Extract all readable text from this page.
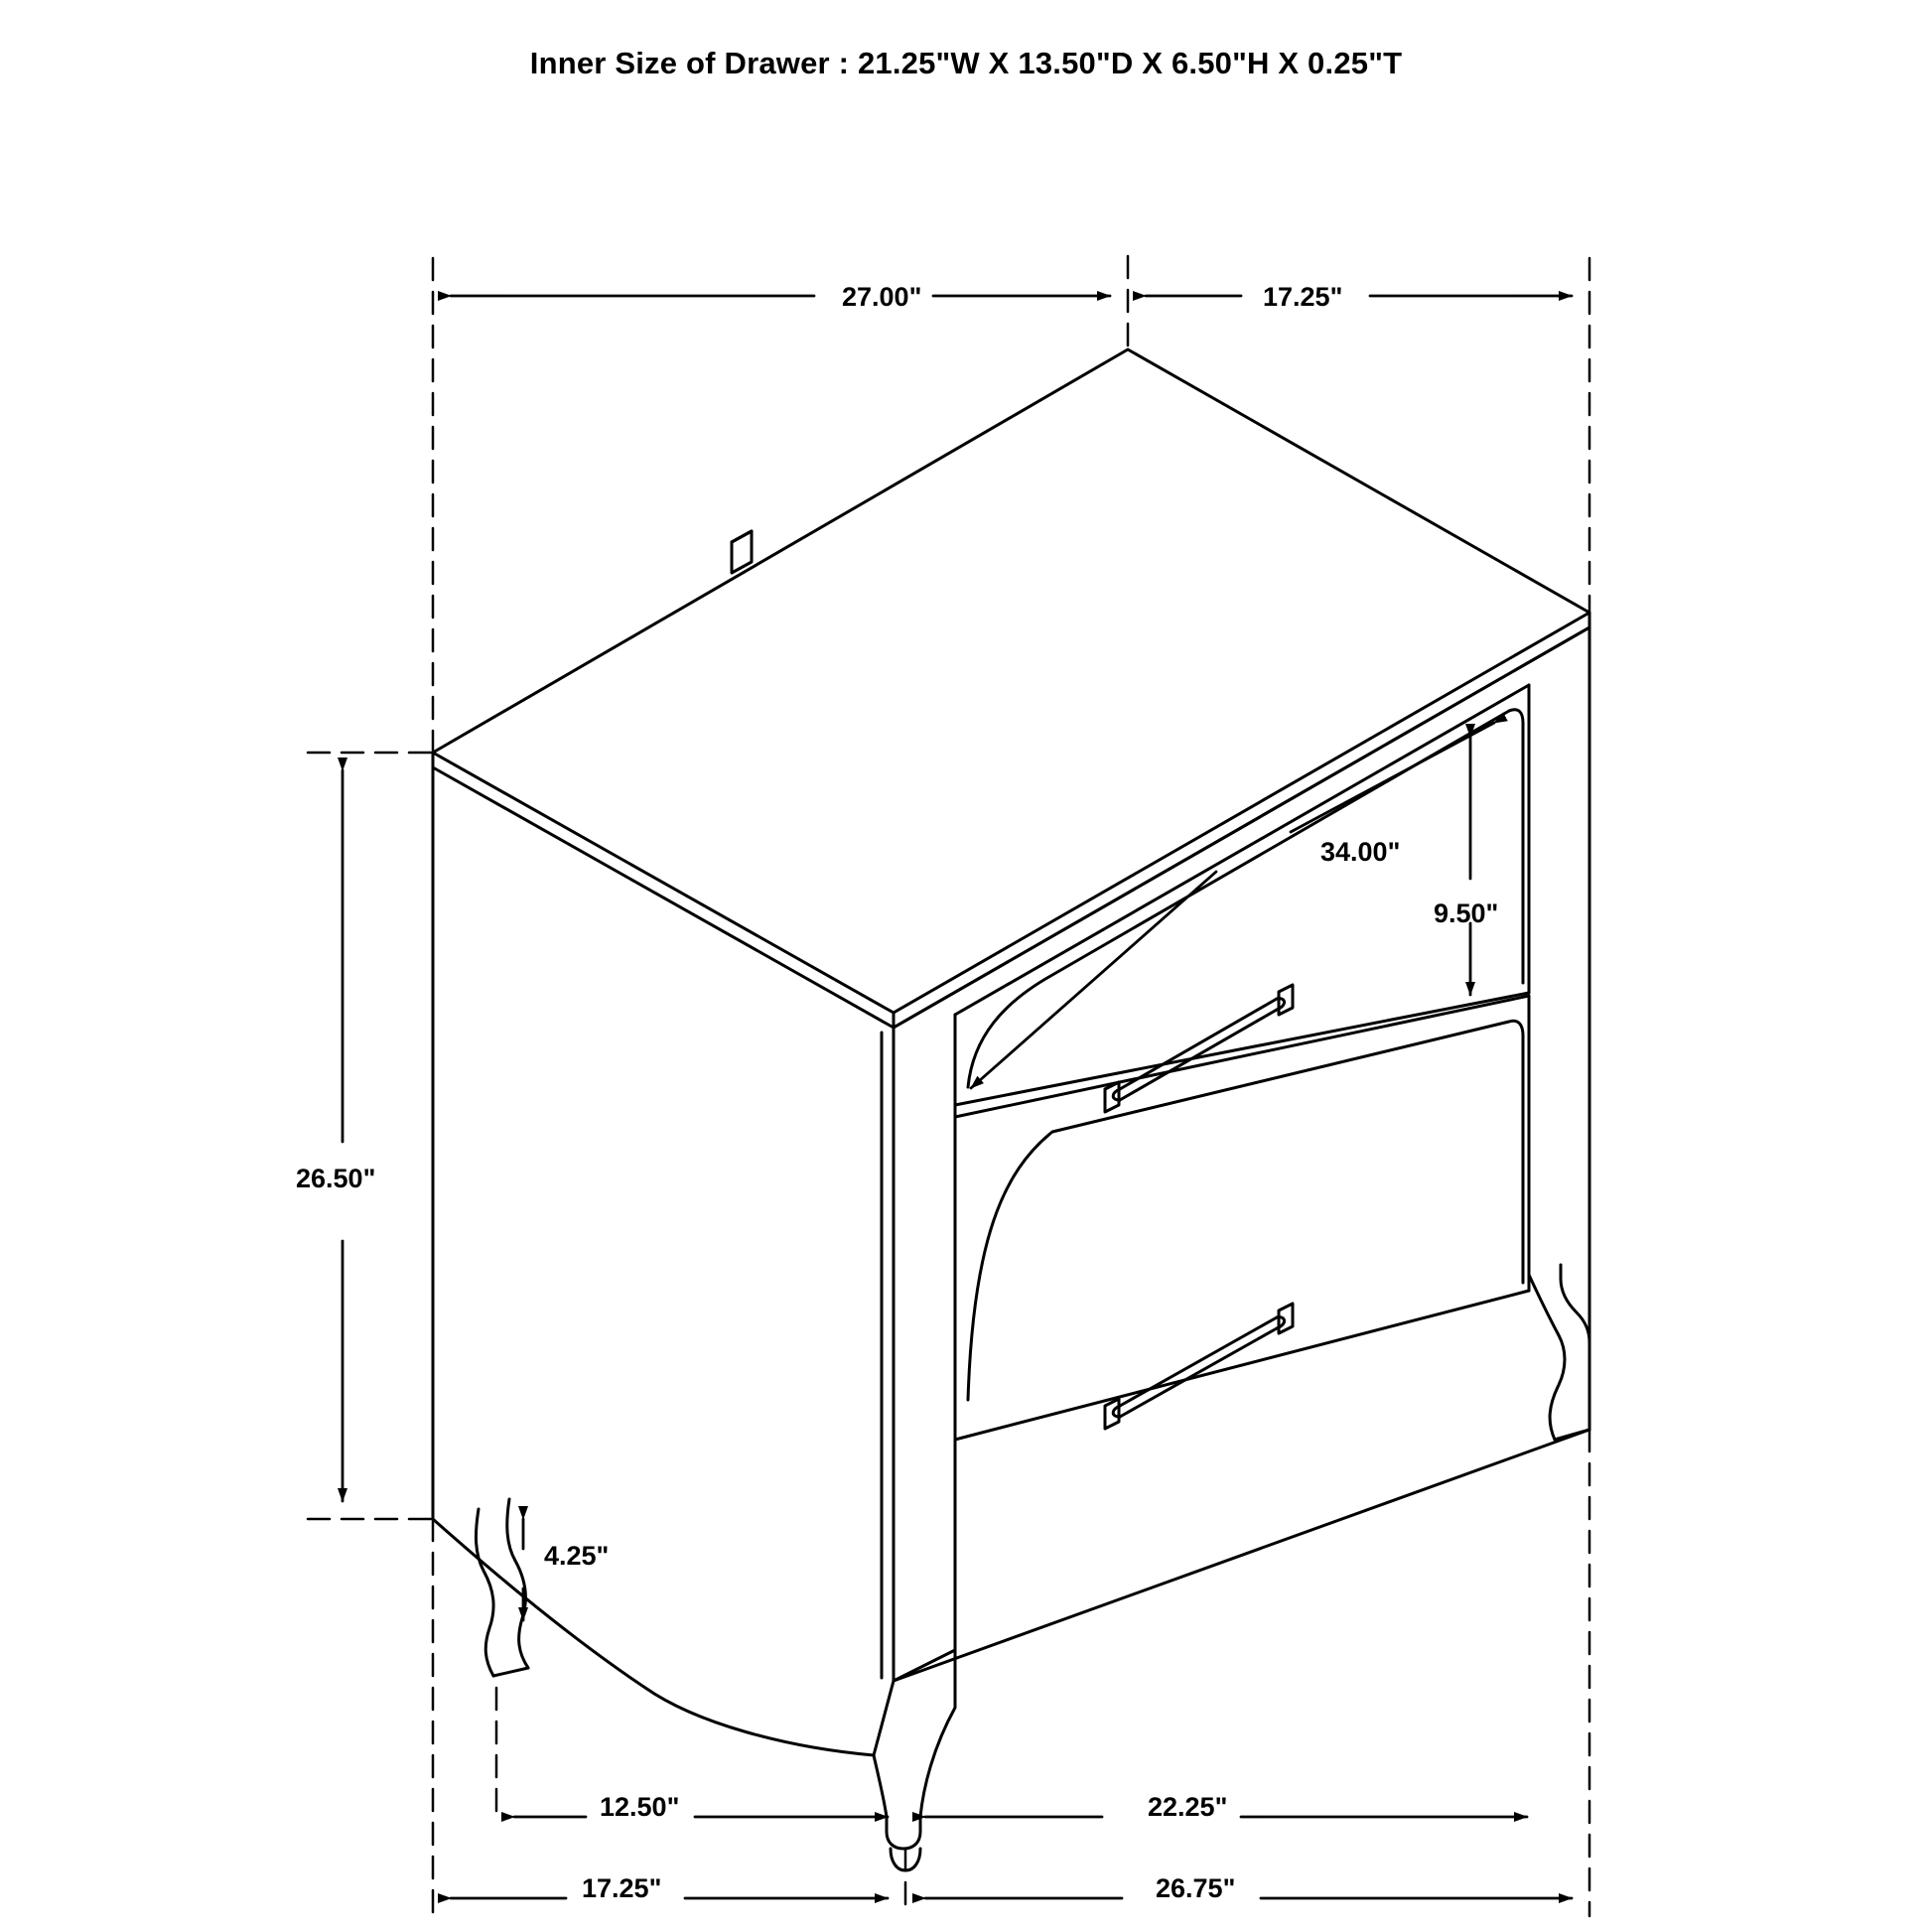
Inner Size of Drawer : 21.25"W X 13.50"D X 6.50"H X 0.25"T
27.00"	17.25"
26.50"
34.00"
9.50"
4.25"
12.50"	22.25"
17.25"	26.75"
